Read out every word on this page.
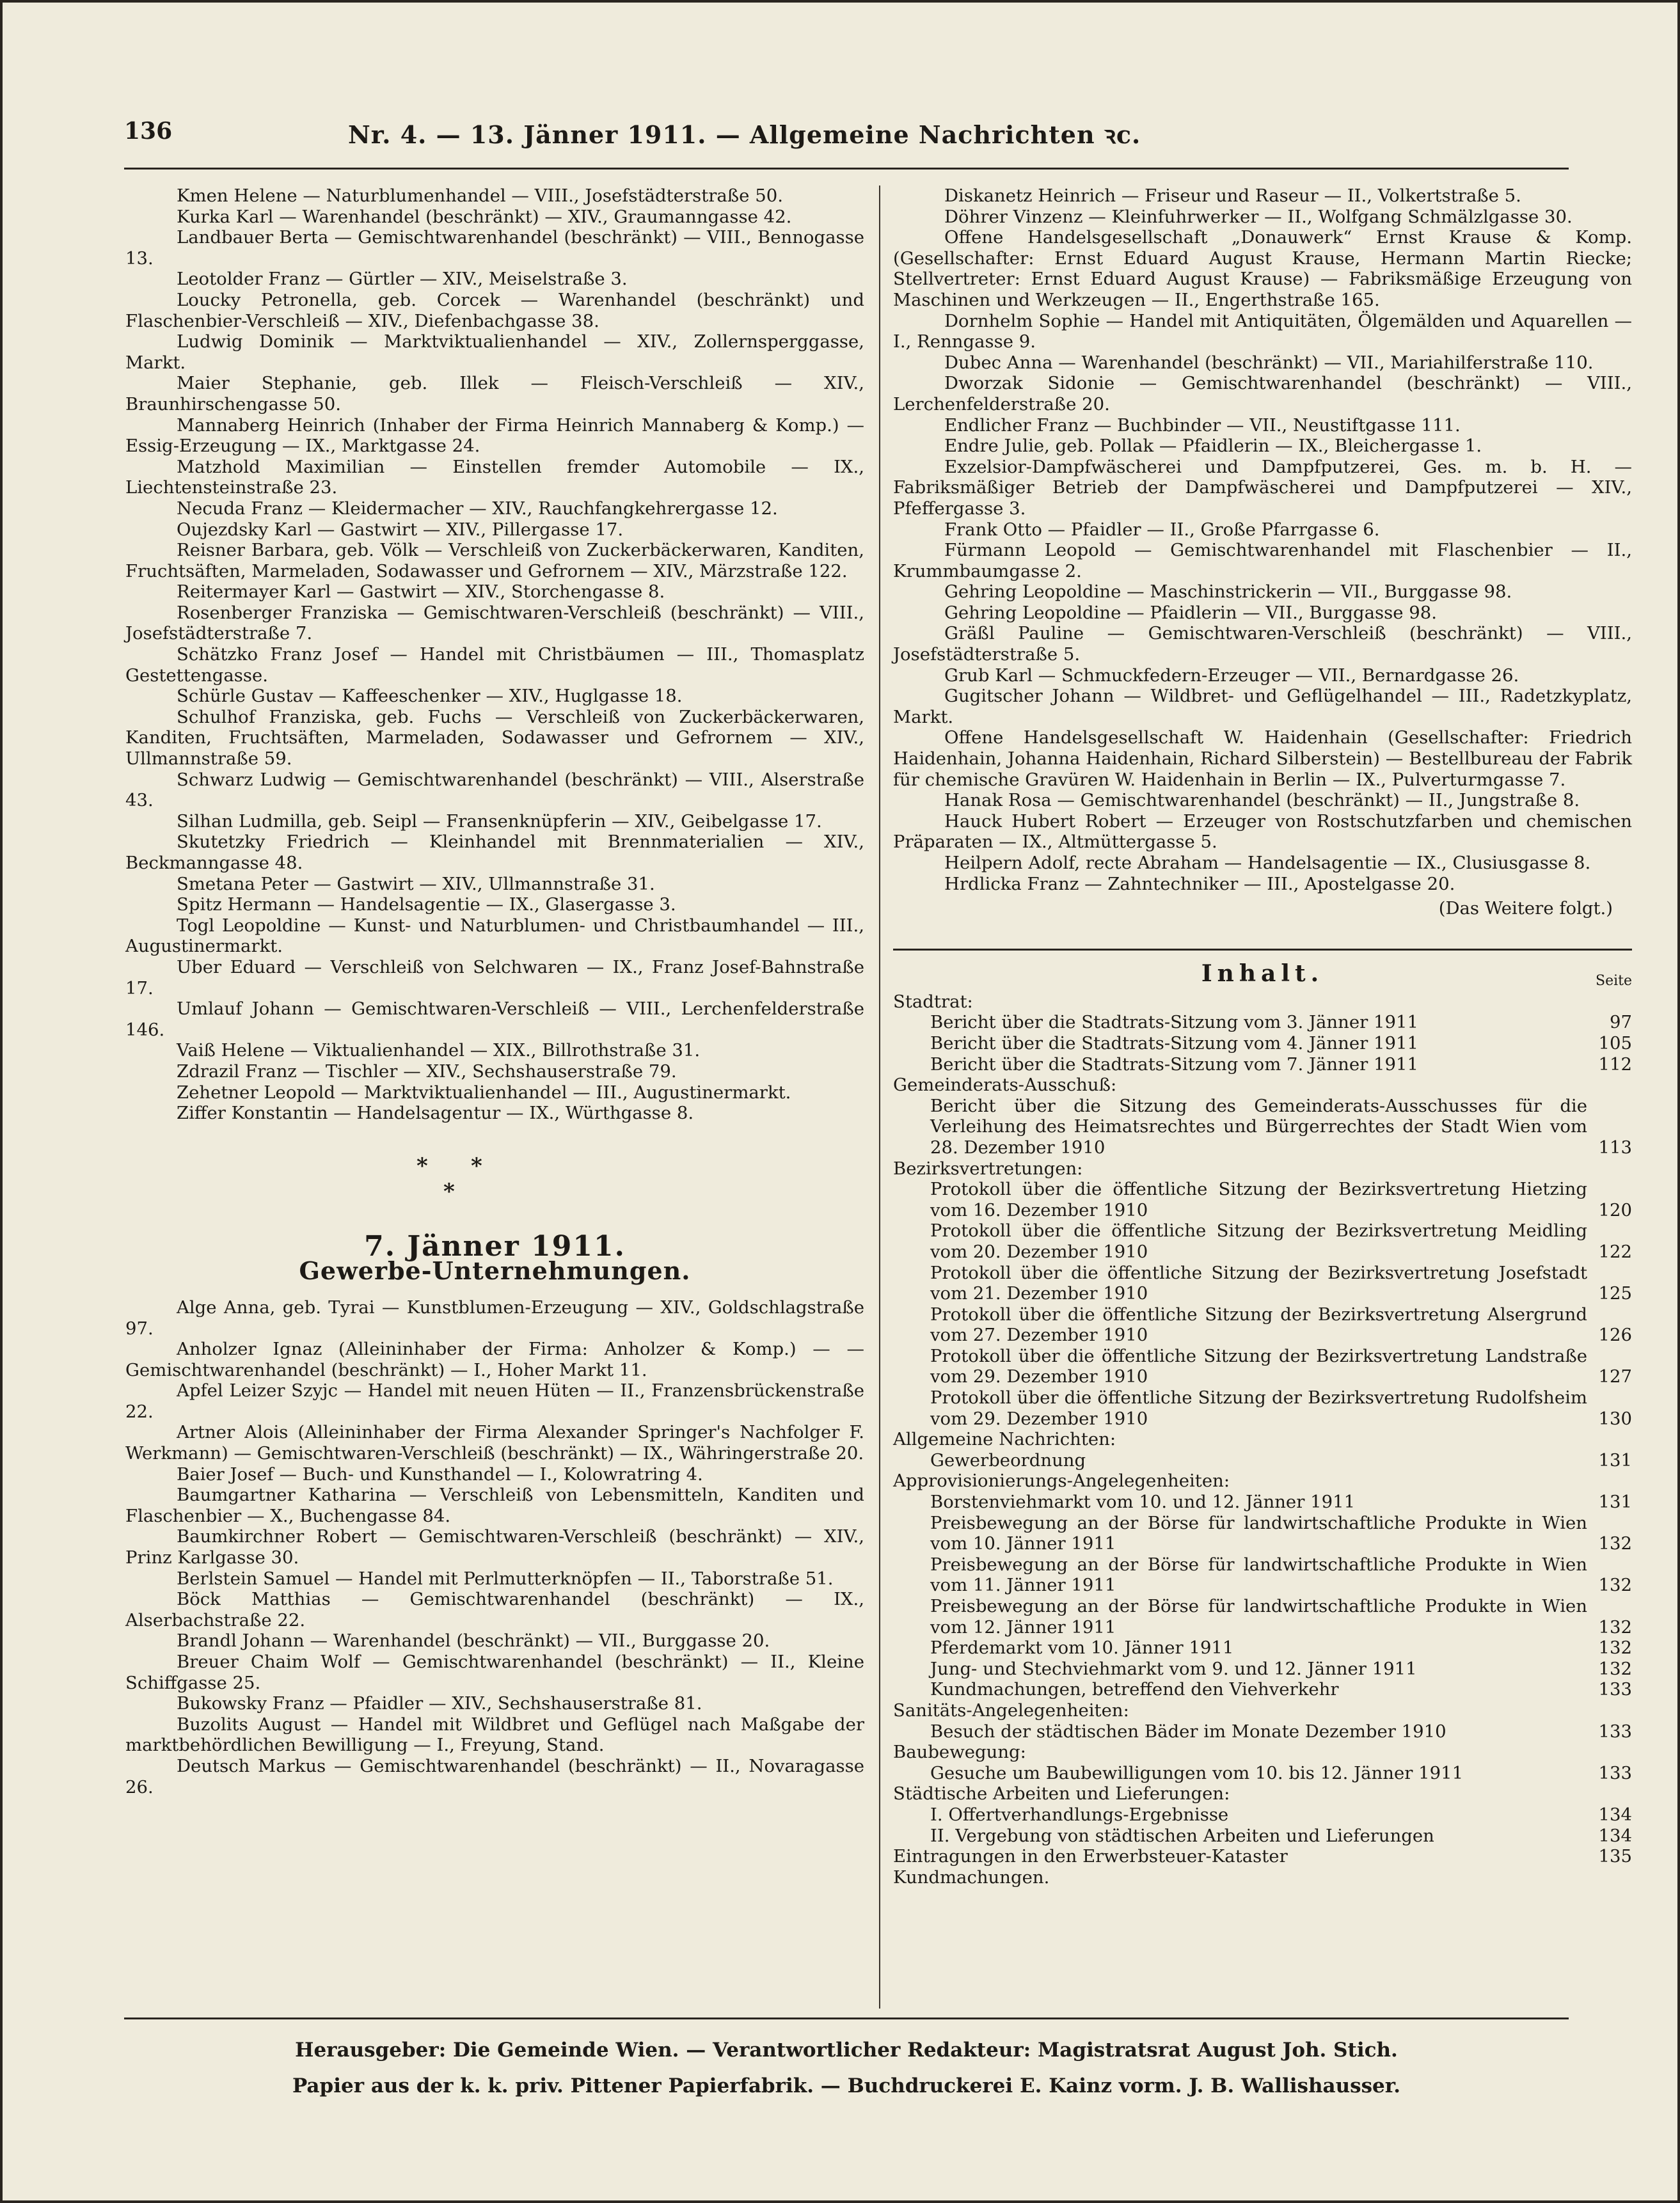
136	Nr. 4. — 13. Jänner 1911. — Allgemeine Nachrichten ꝛc.

Kmen Helene — Naturblumenhandel — VIII., Josefstädterstraße 50.

Kurka Karl — Warenhandel (beschränkt) — XIV., Graumanngasse 42.

Landbauer Berta — Gemischtwarenhandel (beschränkt) — VIII., Bennogasse 13.

Leotolder Franz — Gürtler — XIV., Meiselstraße 3.

Loucky Petronella, geb. Corcek — Warenhandel (beschränkt) und Flaschenbier-Verschleiß — XIV., Diefenbachgasse 38.

Ludwig Dominik — Marktviktualienhandel — XIV., Zollernsperggasse, Markt.

Maier Stephanie, geb. Illek — Fleisch-Verschleiß — XIV., Braunhirschengasse 50.

Mannaberg Heinrich (Inhaber der Firma Heinrich Mannaberg & Komp.) — Essig-Erzeugung — IX., Marktgasse 24.

Matzhold Maximilian — Einstellen fremder Automobile — IX., Liechtensteinstraße 23.

Necuda Franz — Kleidermacher — XIV., Rauchfangkehrergasse 12.

Oujezdsky Karl — Gastwirt — XIV., Pillergasse 17.

Reisner Barbara, geb. Völk — Verschleiß von Zuckerbäckerwaren, Kanditen, Fruchtsäften, Marmeladen, Sodawasser und Gefrornem — XIV., Märzstraße 122.

Reitermayer Karl — Gastwirt — XIV., Storchengasse 8.

Rosenberger Franziska — Gemischtwaren-Verschleiß (beschränkt) — VIII., Josefstädterstraße 7.

Schätzko Franz Josef — Handel mit Christbäumen — III., Thomasplatz Gestettengasse.

Schürle Gustav — Kaffeeschenker — XIV., Huglgasse 18.

Schulhof Franziska, geb. Fuchs — Verschleiß von Zuckerbäckerwaren, Kanditen, Fruchtsäften, Marmeladen, Sodawasser und Gefrornem — XIV., Ullmannstraße 59.

Schwarz Ludwig — Gemischtwarenhandel (beschränkt) — VIII., Alserstraße 43.

Silhan Ludmilla, geb. Seipl — Fransenknüpferin — XIV., Geibelgasse 17.

Skutetzky Friedrich — Kleinhandel mit Brennmaterialien — XIV., Beckmanngasse 48.

Smetana Peter — Gastwirt — XIV., Ullmannstraße 31.

Spitz Hermann — Handelsagentie — IX., Glasergasse 3.

Togl Leopoldine — Kunst- und Naturblumen- und Christbaumhandel — III., Augustinermarkt.

Uber Eduard — Verschleiß von Selchwaren — IX., Franz Josef-Bahnstraße 17.

Umlauf Johann — Gemischtwaren-Verschleiß — VIII., Lerchenfelderstraße 146.

Vaiß Helene — Viktualienhandel — XIX., Billrothstraße 31.

Zdrazil Franz — Tischler — XIV., Sechshauserstraße 79.

Zehetner Leopold — Marktviktualienhandel — III., Augustinermarkt.

Ziffer Konstantin — Handelsagentur — IX., Würthgasse 8.

* *
*
7. Jänner 1911.
Gewerbe-Unternehmungen.

Alge Anna, geb. Tyrai — Kunstblumen-Erzeugung — XIV., Goldschlagstraße 97.

Anholzer Ignaz (Alleininhaber der Firma: Anholzer & Komp.) — — Gemischtwarenhandel (beschränkt) — I., Hoher Markt 11.

Apfel Leizer Szyjc — Handel mit neuen Hüten — II., Franzensbrückenstraße 22.

Artner Alois (Alleininhaber der Firma Alexander Springer's Nachfolger F. Werkmann) — Gemischtwaren-Verschleiß (beschränkt) — IX., Währingerstraße 20.

Baier Josef — Buch- und Kunsthandel — I., Kolowratring 4.

Baumgartner Katharina — Verschleiß von Lebensmitteln, Kanditen und Flaschenbier — X., Buchengasse 84.

Baumkirchner Robert — Gemischtwaren-Verschleiß (beschränkt) — XIV., Prinz Karlgasse 30.

Berlstein Samuel — Handel mit Perlmutterknöpfen — II., Taborstraße 51.

Böck Matthias — Gemischtwarenhandel (beschränkt) — IX., Alserbachstraße 22.

Brandl Johann — Warenhandel (beschränkt) — VII., Burggasse 20.

Breuer Chaim Wolf — Gemischtwarenhandel (beschränkt) — II., Kleine Schiffgasse 25.

Bukowsky Franz — Pfaidler — XIV., Sechshauserstraße 81.

Buzolits August — Handel mit Wildbret und Geflügel nach Maßgabe der marktbehördlichen Bewilligung — I., Freyung, Stand.

Deutsch Markus — Gemischtwarenhandel (beschränkt) — II., Novaragasse 26.

Diskanetz Heinrich — Friseur und Raseur — II., Volkertstraße 5.

Döhrer Vinzenz — Kleinfuhrwerker — II., Wolfgang Schmälzlgasse 30.

Offene Handelsgesellschaft „Donauwerk“ Ernst Krause & Komp. (Gesellschafter: Ernst Eduard August Krause, Hermann Martin Riecke; Stellvertreter: Ernst Eduard August Krause) — Fabriksmäßige Erzeugung von Maschinen und Werkzeugen — II., Engerthstraße 165.

Dornhelm Sophie — Handel mit Antiquitäten, Ölgemälden und Aquarellen — I., Renngasse 9.

Dubec Anna — Warenhandel (beschränkt) — VII., Mariahilferstraße 110.

Dworzak Sidonie — Gemischtwarenhandel (beschränkt) — VIII., Lerchenfelderstraße 20.

Endlicher Franz — Buchbinder — VII., Neustiftgasse 111.

Endre Julie, geb. Pollak — Pfaidlerin — IX., Bleichergasse 1.

Exzelsior-Dampfwäscherei und Dampfputzerei, Ges. m. b. H. — Fabriksmäßiger Betrieb der Dampfwäscherei und Dampfputzerei — XIV., Pfeffergasse 3.

Frank Otto — Pfaidler — II., Große Pfarrgasse 6.

Fürmann Leopold — Gemischtwarenhandel mit Flaschenbier — II., Krummbaumgasse 2.

Gehring Leopoldine — Maschinstrickerin — VII., Burggasse 98.

Gehring Leopoldine — Pfaidlerin — VII., Burggasse 98.

Gräßl Pauline — Gemischtwaren-Verschleiß (beschränkt) — VIII., Josefstädterstraße 5.

Grub Karl — Schmuckfedern-Erzeuger — VII., Bernardgasse 26.

Gugitscher Johann — Wildbret- und Geflügelhandel — III., Radetzkyplatz, Markt.

Offene Handelsgesellschaft W. Haidenhain (Gesellschafter: Friedrich Haidenhain, Johanna Haidenhain, Richard Silberstein) — Bestellbureau der Fabrik für chemische Gravüren W. Haidenhain in Berlin — IX., Pulverturmgasse 7.

Hanak Rosa — Gemischtwarenhandel (beschränkt) — II., Jungstraße 8.

Hauck Hubert Robert — Erzeuger von Rostschutzfarben und chemischen Präparaten — IX., Altmüttergasse 5.

Heilpern Adolf, recte Abraham — Handelsagentie — IX., Clusiusgasse 8.

Hrdlicka Franz — Zahntechniker — III., Apostelgasse 20.

(Das Weitere folgt.)
Inhalt.	Seite
Stadtrat:
Bericht über die Stadtrats-Sitzung vom 3. Jänner 1911	97
Bericht über die Stadtrats-Sitzung vom 4. Jänner 1911	105
Bericht über die Stadtrats-Sitzung vom 7. Jänner 1911	112
Gemeinderats-Ausschuß:
Bericht über die Sitzung des Gemeinderats-Ausschusses für die Verleihung des Heimatsrechtes und Bürgerrechtes der Stadt Wien vom 28. Dezember 1910	113
Bezirksvertretungen:
Protokoll über die öffentliche Sitzung der Bezirksvertretung Hietzing vom 16. Dezember 1910	120
Protokoll über die öffentliche Sitzung der Bezirksvertretung Meidling vom 20. Dezember 1910	122
Protokoll über die öffentliche Sitzung der Bezirksvertretung Josefstadt vom 21. Dezember 1910	125
Protokoll über die öffentliche Sitzung der Bezirksvertretung Alsergrund vom 27. Dezember 1910	126
Protokoll über die öffentliche Sitzung der Bezirksvertretung Landstraße vom 29. Dezember 1910	127
Protokoll über die öffentliche Sitzung der Bezirksvertretung Rudolfsheim vom 29. Dezember 1910	130
Allgemeine Nachrichten:
Gewerbeordnung	131
Approvisionierungs-Angelegenheiten:
Borstenviehmarkt vom 10. und 12. Jänner 1911	131
Preisbewegung an der Börse für landwirtschaftliche Produkte in Wien vom 10. Jänner 1911	132
Preisbewegung an der Börse für landwirtschaftliche Produkte in Wien vom 11. Jänner 1911	132
Preisbewegung an der Börse für landwirtschaftliche Produkte in Wien vom 12. Jänner 1911	132
Pferdemarkt vom 10. Jänner 1911	132
Jung- und Stechviehmarkt vom 9. und 12. Jänner 1911	132
Kundmachungen, betreffend den Viehverkehr	133
Sanitäts-Angelegenheiten:
Besuch der städtischen Bäder im Monate Dezember 1910	133
Baubewegung:
Gesuche um Baubewilligungen vom 10. bis 12. Jänner 1911	133
Städtische Arbeiten und Lieferungen:
I. Offertverhandlungs-Ergebnisse	134
II. Vergebung von städtischen Arbeiten und Lieferungen	134
Eintragungen in den Erwerbsteuer-Kataster	135
Kundmachungen.
Herausgeber: Die Gemeinde Wien. — Verantwortlicher Redakteur: Magistratsrat August Joh. Stich.
Papier aus der k. k. priv. Pittener Papierfabrik. — Buchdruckerei E. Kainz vorm. J. B. Wallishausser.
